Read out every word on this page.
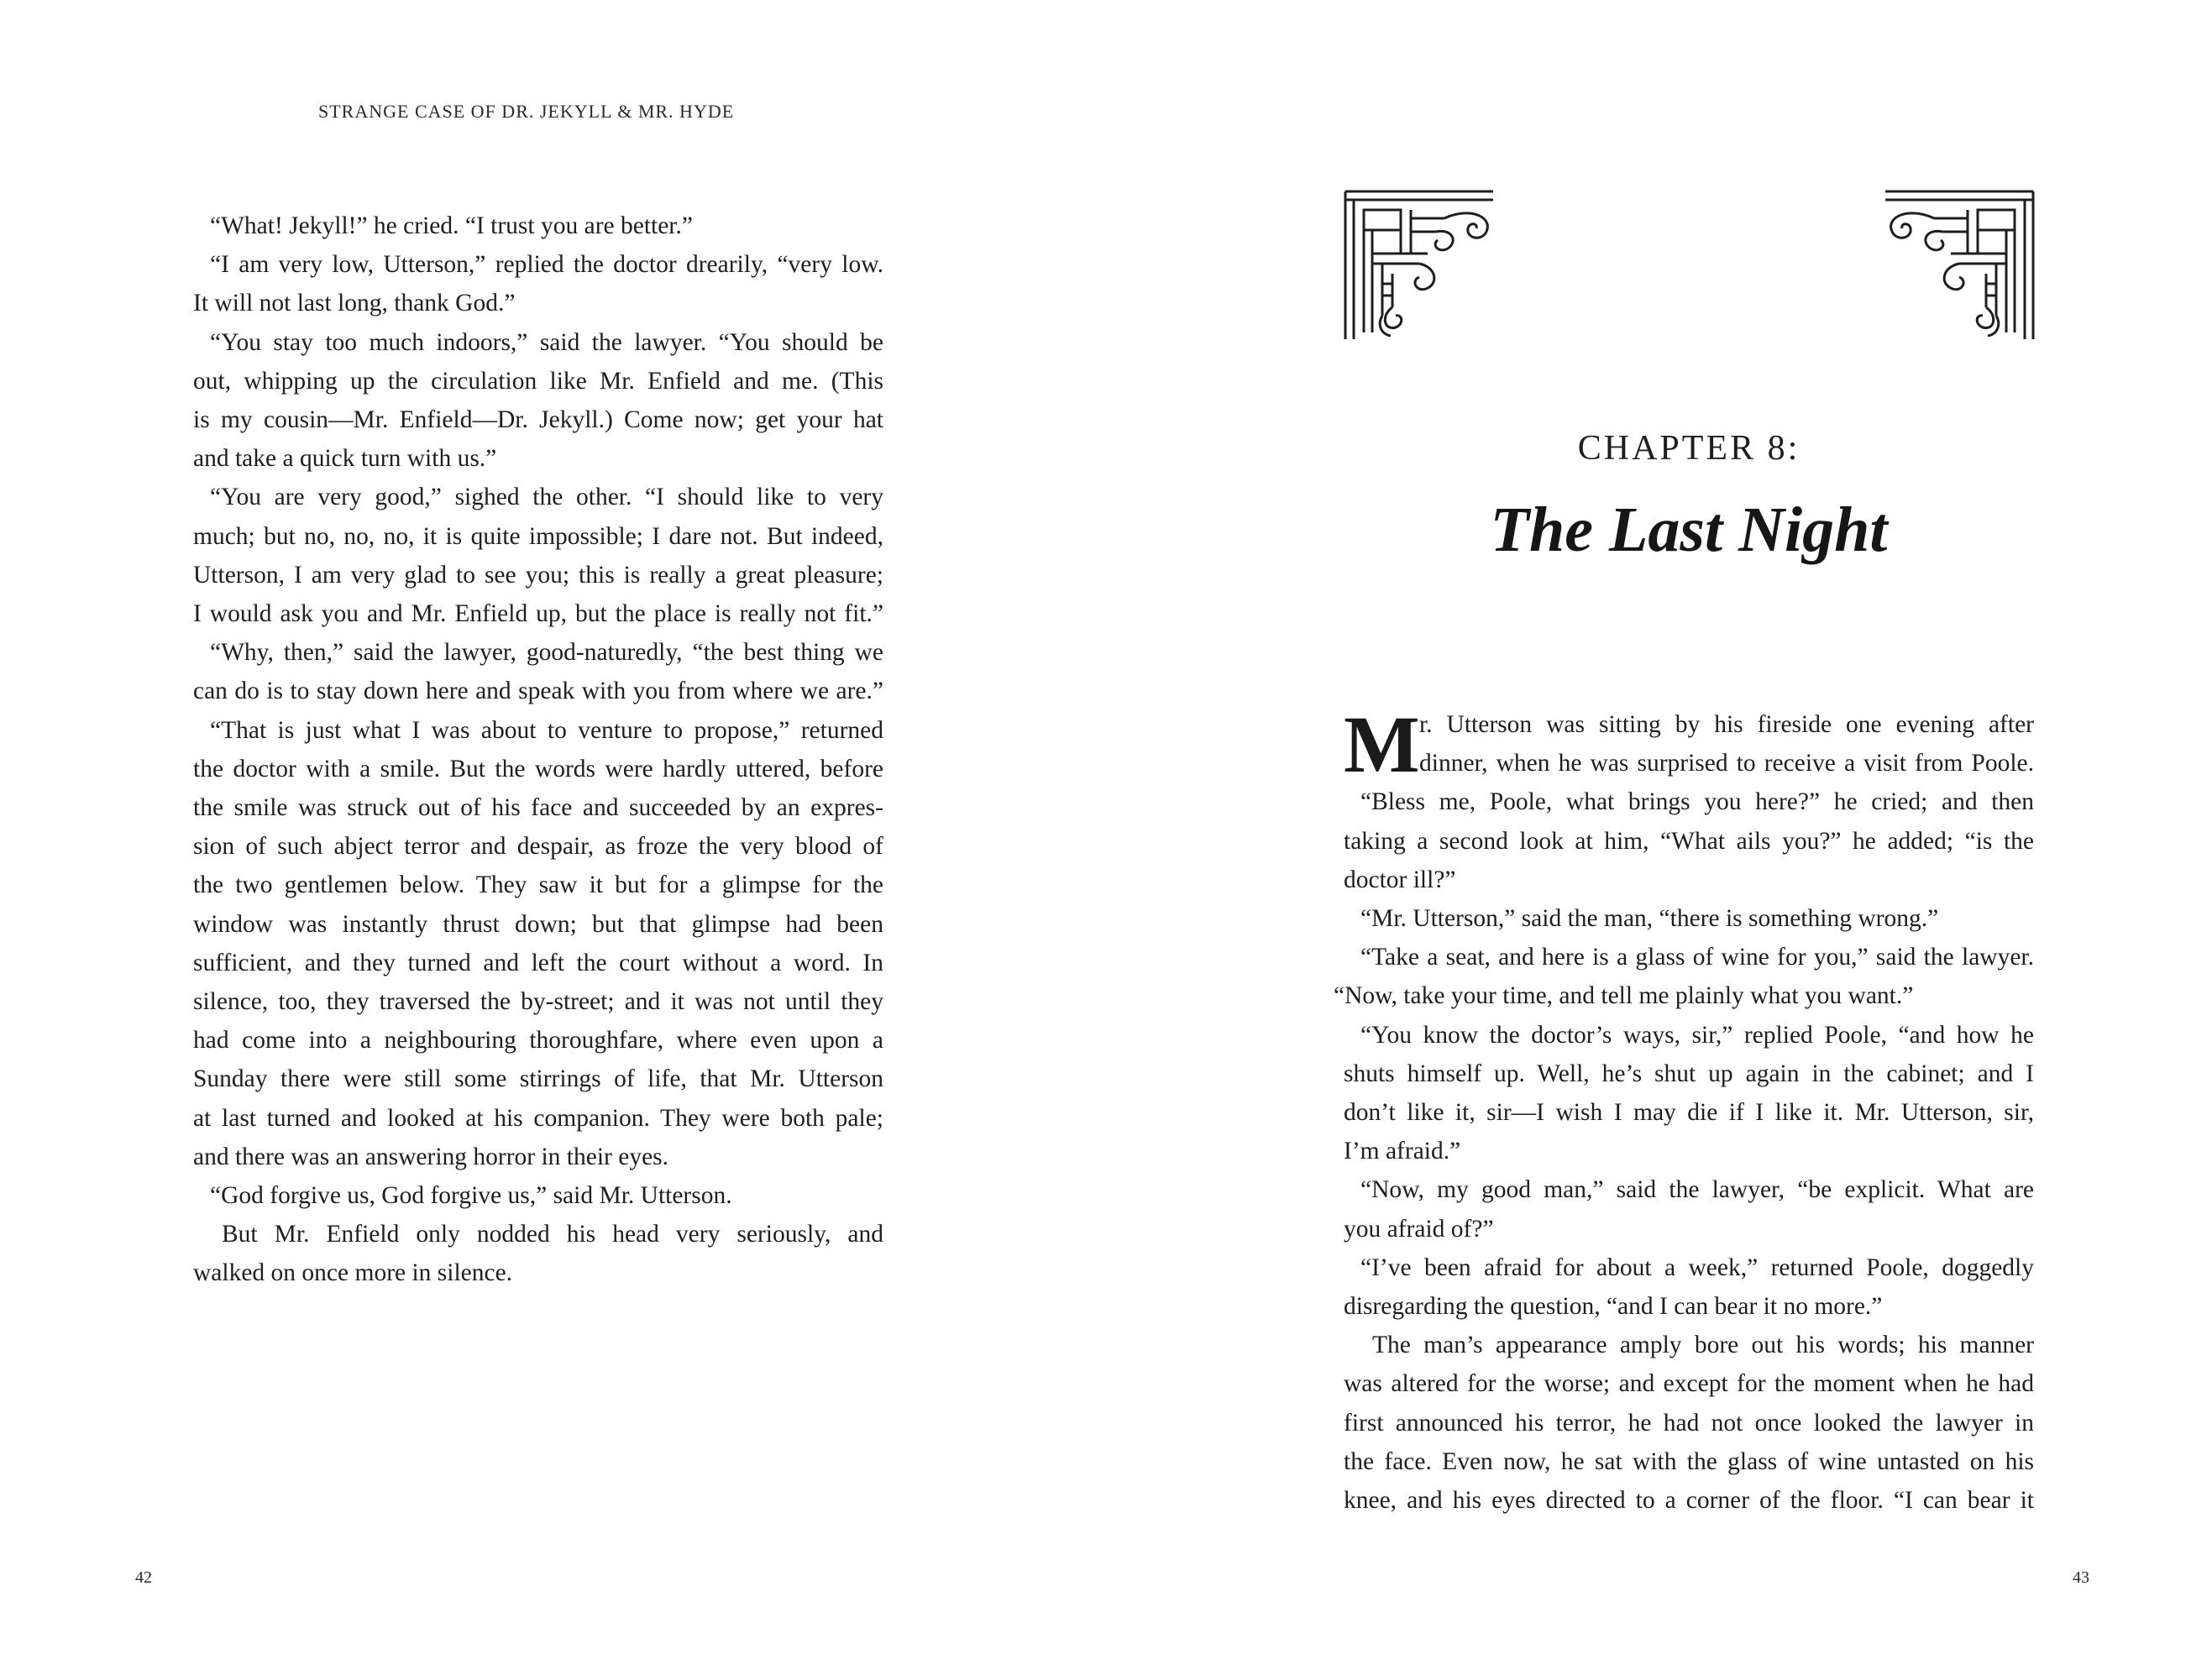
STRANGE CASE OF DR. JEKYLL & MR. HYDE
“What! Jekyll!” he cried. “I trust you are better.”
“I am very low, Utterson,” replied the doctor drearily, “very low.
It will not last long, thank God.”
“You stay too much indoors,” said the lawyer. “You should be
out, whipping up the circulation like Mr. Enfield and me. (This
is my cousin—Mr. Enfield—Dr. Jekyll.) Come now; get your hat
and take a quick turn with us.”
“You are very good,” sighed the other. “I should like to very
much; but no, no, no, it is quite impossible; I dare not. But indeed,
Utterson, I am very glad to see you; this is really a great pleasure;
I would ask you and Mr. Enfield up, but the place is really not fit.”
“Why, then,” said the lawyer, good-naturedly, “the best thing we
can do is to stay down here and speak with you from where we are.”
“That is just what I was about to venture to propose,” returned
the doctor with a smile. But the words were hardly uttered, before
the smile was struck out of his face and succeeded by an expres-
sion of such abject terror and despair, as froze the very blood of
the two gentlemen below. They saw it but for a glimpse for the
window was instantly thrust down; but that glimpse had been
sufficient, and they turned and left the court without a word. In
silence, too, they traversed the by-street; and it was not until they
had come into a neighbouring thoroughfare, where even upon a
Sunday there were still some stirrings of life, that Mr. Utterson
at last turned and looked at his companion. They were both pale;
and there was an answering horror in their eyes.
“God forgive us, God forgive us,” said Mr. Utterson.
But Mr. Enfield only nodded his head very seriously, and
walked on once more in silence.
42	43
CHAPTER 8:
The Last Night
M r. Utterson was sitting by his fireside one evening after
dinner, when he was surprised to receive a visit from Poole.
“Bless me, Poole, what brings you here?” he cried; and then
taking a second look at him, “What ails you?” he added; “is the
doctor ill?”
“Mr. Utterson,” said the man, “there is something wrong.”
“Take a seat, and here is a glass of wine for you,” said the lawyer.
“Now, take your time, and tell me plainly what you want.”
“You know the doctor’s ways, sir,” replied Poole, “and how he
shuts himself up. Well, he’s shut up again in the cabinet; and I
don’t like it, sir—I wish I may die if I like it. Mr. Utterson, sir,
I’m afraid.”
“Now, my good man,” said the lawyer, “be explicit. What are
you afraid of?”
“I’ve been afraid for about a week,” returned Poole, doggedly
disregarding the question, “and I can bear it no more.”
The man’s appearance amply bore out his words; his manner
was altered for the worse; and except for the moment when he had
first announced his terror, he had not once looked the lawyer in
the face. Even now, he sat with the glass of wine untasted on his
knee, and his eyes directed to a corner of the floor. “I can bear it
